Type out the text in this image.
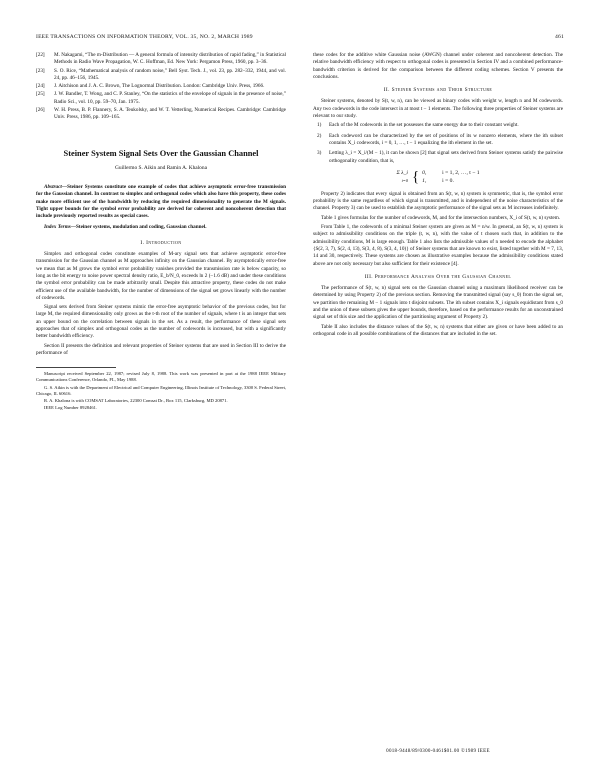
IEEE TRANSACTIONS ON INFORMATION THEORY, VOL. 35, NO. 2, MARCH 1989	461
[22] M. Nakagami, “The m-Distribution — A general formula of intensity distribution of rapid fading,” in Statistical Methods in Radio Wave Propagation, W. C. Hoffman, Ed. New York: Pergamon Press, 1960, pp. 3–36.
[23] S. O. Rice, “Mathematical analysis of random noise,” Bell Syst. Tech. J., vol. 23, pp. 282–332, 1944, and vol. 24, pp. 46–156, 1945.
[24] J. Aitchison and J. A. C. Brown, The Lognormal Distribution. London: Cambridge Univ. Press, 1966.
[25] J. W. Bandler, T. Wong, and C. P. Stanley, “On the statistics of the envelope of signals in the presence of noise,” Radio Sci., vol. 10, pp. 59–70, Jan. 1975.
[26] W. H. Press, B. P. Flannery, S. A. Teukolsky, and W. T. Vetterling, Numerical Recipes. Cambridge: Cambridge Univ. Press, 1986, pp. 109–165.
Steiner System Signal Sets Over the Gaussian Channel
Guillermo S. Aikin and Ramin A. Khalona

Abstract—Steiner Systems constitute one example of codes that achieve asymptotic error-free transmission for the Gaussian channel. In contrast to simplex and orthogonal codes which also have this property, these codes make more efficient use of the bandwidth by reducing the required dimensionality to generate the M signals. Tight upper bounds for the symbol error probability are derived for coherent and noncoherent detection that include previously reported results as special cases.

Index Terms—Steiner systems, modulation and coding, Gaussian channel.

I. Introduction

Simplex and orthogonal codes constitute examples of M-ary signal sets that achieve asymptotic error-free transmission for the Gaussian channel as M approaches infinity on the Gaussian channel. By asymptotically error-free we mean that as M grows the symbol error probability vanishes provided the transmission rate is below capacity, so long as the bit energy to noise power spectral density ratio, E_b/N_0, exceeds ln 2 (−1.6 dB) and under these conditions the symbol error probability can be made arbitrarily small. Despite this attractive property, these codes do not make efficient use of the available bandwidth, for the number of dimensions of the signal set grows linearly with the number of codewords.

Signal sets derived from Steiner systems mimic the error-free asymptotic behavior of the previous codes, but for large M, the required dimensionality only grows as the t-th root of the number of signals, where t is an integer that sets an upper bound on the correlation between signals in the set. As a result, the performance of these signal sets approaches that of simplex and orthogonal codes as the number of codewords is increased, but with a significantly better bandwidth efficiency.

Section II presents the definition and relevant properties of Steiner systems that are used in Section III to derive the performance of

Manuscript received September 22, 1987; revised July 8, 1988. This work was presented in part at the 1988 IEEE Military Communications Conference, Orlando, FL, May 1988.

G. S. Aikin is with the Department of Electrical and Computer Engineering, Illinois Institute of Technology, 3300 S. Federal Street, Chicago, IL 60616.

R. A. Khalona is with COMSAT Laboratories, 22300 Comsat Dr., Box 115, Clarksburg, MD 20871.

IEEE Log Number 8928461.

these codes for the additive white Gaussian noise (AWGN) channel under coherent and noncoherent detection. The relative bandwidth efficiency with respect to orthogonal codes is presented in Section IV and a combined performance-bandwidth criterion is derived for the comparison between the different coding schemes. Section V presents the conclusions.

II. Steiner Systems and Their Structure

Steiner systems, denoted by S(t, w, n), can be viewed as binary codes with weight w, length n and M codewords. Any two codewords in the code intersect in at most t − 1 elements. The following three properties of Steiner systems are relevant to our study.

1) Each of the M codewords in the set possesses the same energy due to their constant weight.
2) Each codeword can be characterized by the set of positions of its w nonzero elements, where the ith subset contains X_i codewords, i = 0, 1, …, t − 1 equalizing the ith element in the set.
3) Letting λ_i = X_i/(M − 1), it can be shown [2] that signal sets derived from Steiner systems satisfy the pairwise orthogonality condition, that is,
Σ λ_i
i=0 { 0,	i = 1, 2, …, t − 1
1,	i = 0.

Property 2) indicates that every signal is obtained from an S(t, w, n) system is symmetric, that is, the symbol error probability is the same regardless of which signal is transmitted, and is independent of the noise characteristics of the channel. Property 3) can be used to establish the asymptotic performance of the signal sets as M increases indefinitely.

Table 1 gives formulas for the number of codewords, M, and for the intersection numbers, X_i of S(t, w, n) system.

From Table 1, the codewords of a minimal Steiner system are given as M = n/w. In general, an S(t, w, n) system is subject to admissibility conditions on the triple (t, w, n), with the value of t chosen such that, in addition to the admissibility conditions, M is large enough. Table 1 also lists the admissible values of n needed to encode the alphabet {S(2, 3, 7), S(2, 4, 13), S(3, 4, 8), S(3, 4, 10)} of Steiner systems that are known to exist, listed together with M = 7, 13, 14 and 30, respectively. These systems are chosen as illustrative examples because the admissibility conditions stated above are not only necessary but also sufficient for their existence [4].

III. Performance Analysis Over the Gaussian Channel

The performance of S(t, w, n) signal sets on the Gaussian channel using a maximum likelihood receiver can be determined by using Property 2) of the previous section. Removing the transmitted signal (say s_0) from the signal set, we partition the remaining M − 1 signals into t disjoint subsets. The ith subset contains X_i signals equidistant from s_0 and the union of these subsets gives the upper bounds, therefore, based on the performance results for an unconstrained signal set of this size and the application of the partitioning argument of Property 2).

Table II also includes the distance values of the S(t, w, n) systems that either are given or have been added to an orthogonal code in all possible combinations of the distances that are included in the set.

0018-9448/89/0300-0461$01.00 ©1989 IEEE
